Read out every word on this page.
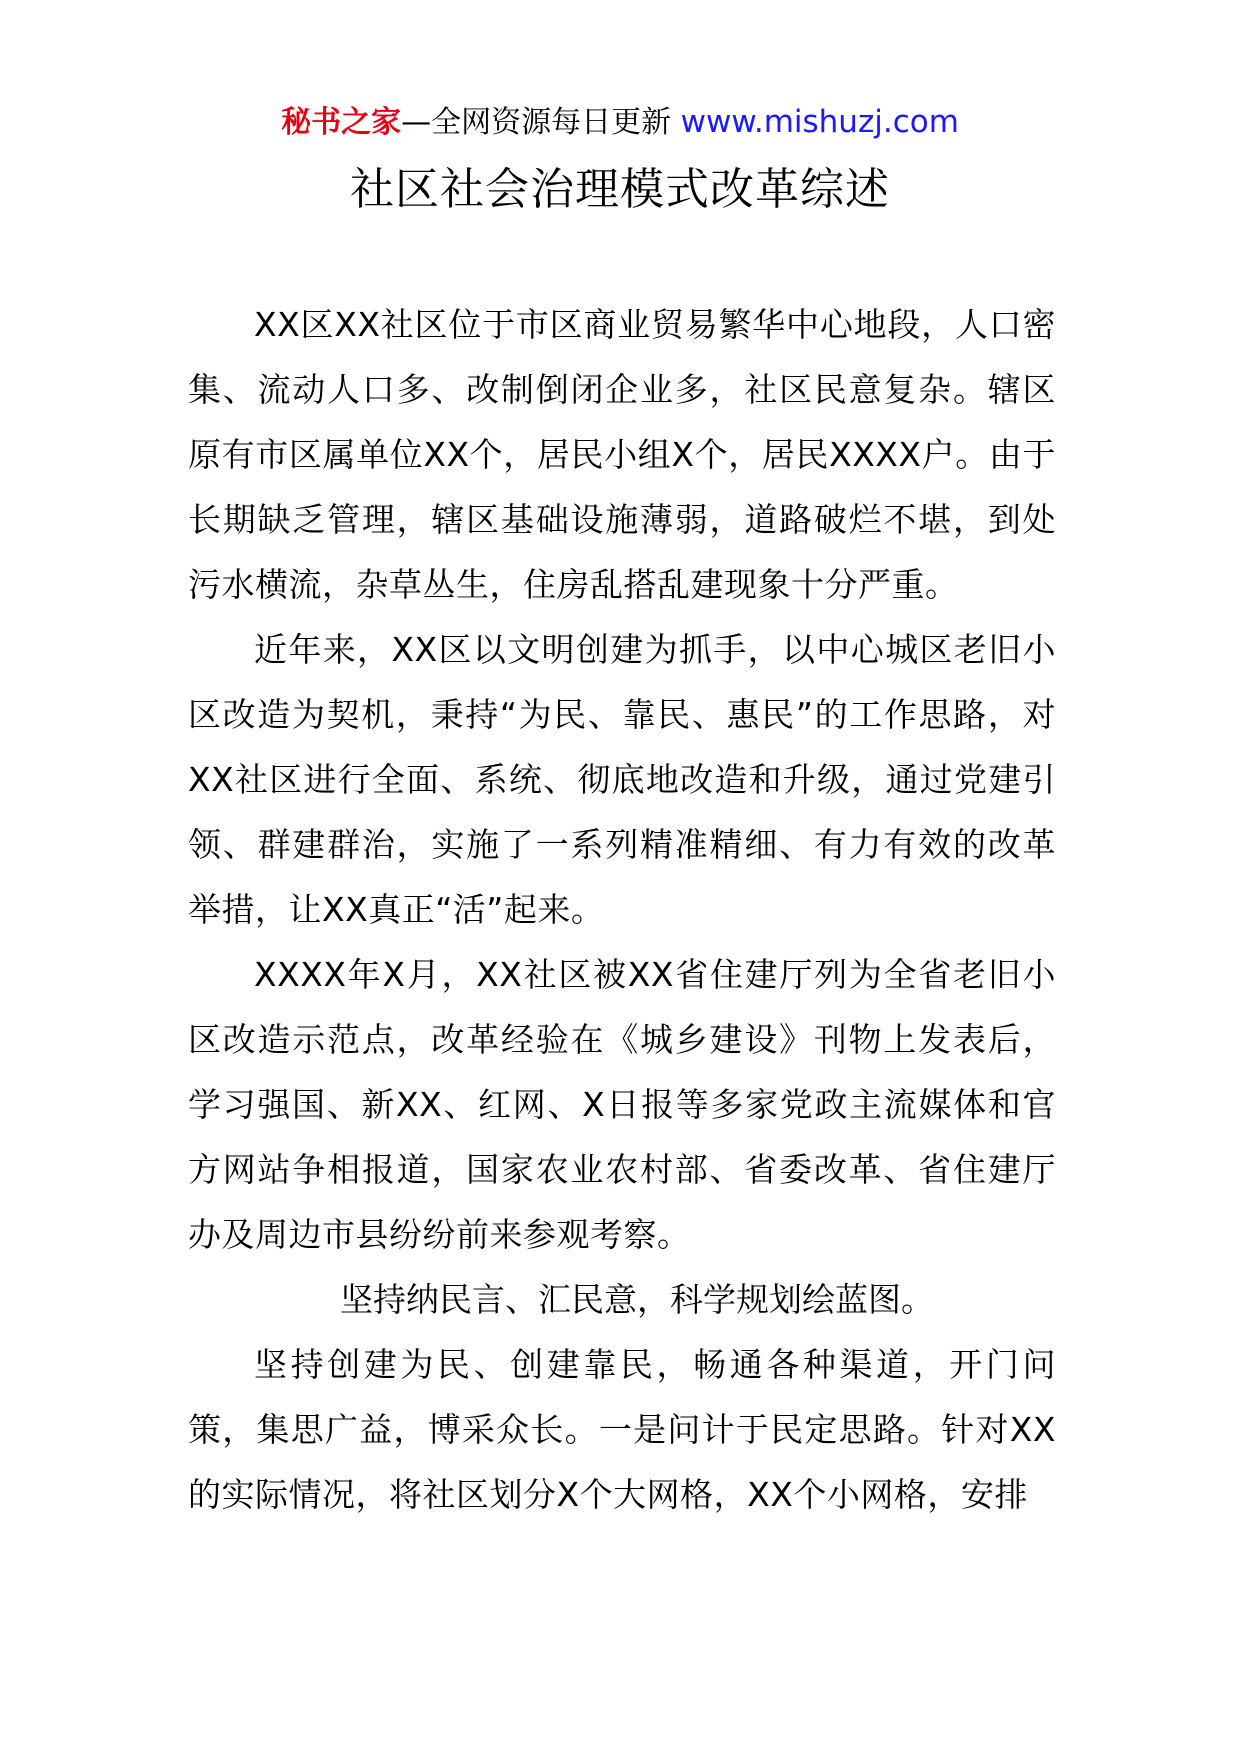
秘书之家—全网资源每日更新 www.mishuzj.com
社区社会治理模式改革综述

XX区XX社区位于市区商业贸易繁华中心地段，人口密集、流动人口多、改制倒闭企业多，社区民意复杂。辖区原有市区属单位XX个，居民小组X个，居民XXXX户。由于长期缺乏管理，辖区基础设施薄弱，道路破烂不堪，到处污水横流，杂草丛生，住房乱搭乱建现象十分严重。

近年来，XX区以文明创建为抓手，以中心城区老旧小区改造为契机，秉持“为民、靠民、惠民”的工作思路，对XX社区进行全面、系统、彻底地改造和升级，通过党建引领、群建群治，实施了一系列精准精细、有力有效的改革举措，让XX真正“活”起来。

XXXX年X月，XX社区被XX省住建厅列为全省老旧小区改造示范点，改革经验在《城乡建设》刊物上发表后，学习强国、新XX、红网、X日报等多家党政主流媒体和官方网站争相报道，国家农业农村部、省委改革、省住建厅办及周边市县纷纷前来参观考察。

坚持纳民言、汇民意，科学规划绘蓝图。

坚持创建为民、创建靠民，畅通各种渠道，开门问策，集思广益，博采众长。一是问计于民定思路。针对XX的实际情况，将社区划分X个大网格，XX个小网格，安排
